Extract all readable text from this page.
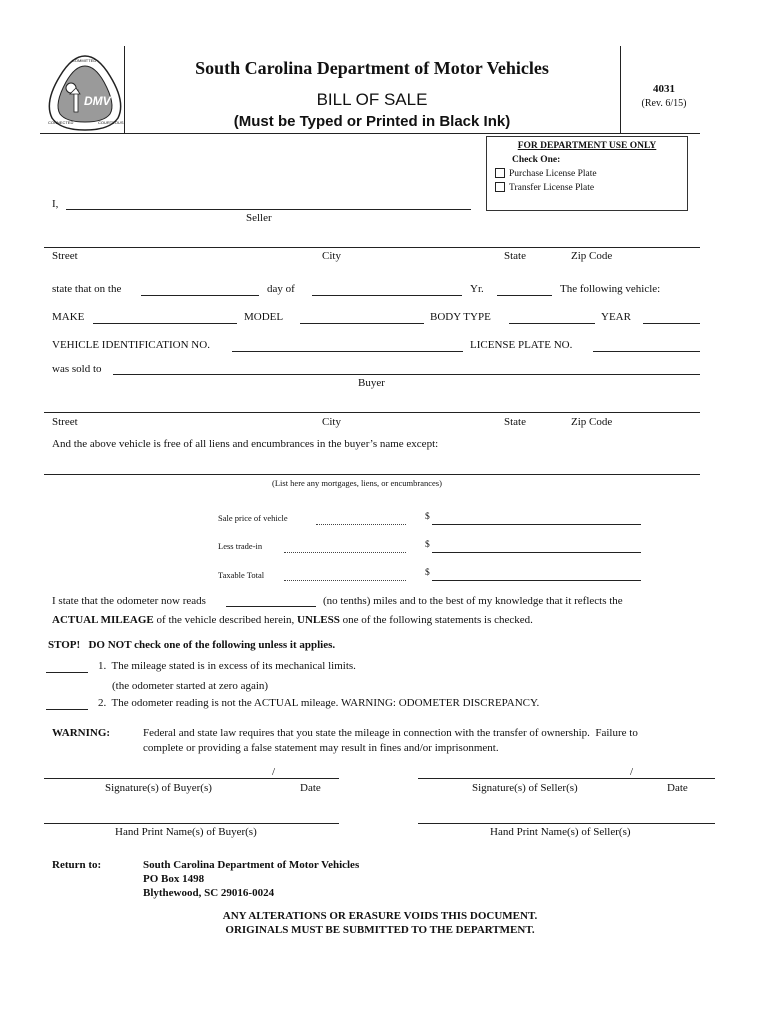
DMV
COMMITTED
CONNECTED	COURTEOUS
South Carolina Department of Motor Vehicles
BILL OF SALE
(Must be Typed or Printed in Black Ink)
4031
(Rev. 6/15)
FOR DEPARTMENT USE ONLY
Check One:
Purchase License Plate
Transfer License Plate
I,
Seller
Street	City	State	Zip Code
state that on the	day of	Yr.	The following vehicle:
MAKE	MODEL	BODY TYPE	YEAR
VEHICLE IDENTIFICATION NO.	LICENSE PLATE NO.
was sold to
Buyer
Street	City	State	Zip Code
And the above vehicle is free of all liens and encumbrances in the buyer’s name except:
(List here any mortgages, liens, or encumbrances)
Sale price of vehicle	$
Less trade-in	$
Taxable Total	$
I state that the odometer now reads	(no tenths) miles and to the best of my knowledge that it reflects the
ACTUAL MILEAGE of the vehicle described herein, UNLESS one of the following statements is checked.
STOP!   DO NOT check one of the following unless it applies.
1.  The mileage stated is in excess of its mechanical limits.
(the odometer started at zero again)
2.  The odometer reading is not the ACTUAL mileage. WARNING: ODOMETER DISCREPANCY.
WARNING:	Federal and state law requires that you state the mileage in connection with the transfer of ownership.  Failure to
complete or providing a false statement may result in fines and/or imprisonment.
/
Signature(s) of Buyer(s)	Date
/
Signature(s) of Seller(s)	Date
Hand Print Name(s) of Buyer(s)	Hand Print Name(s) of Seller(s)
Return to:	South Carolina Department of Motor Vehicles
PO Box 1498
Blythewood, SC 29016-0024
ANY ALTERATIONS OR ERASURE VOIDS THIS DOCUMENT.
ORIGINALS MUST BE SUBMITTED TO THE DEPARTMENT.
